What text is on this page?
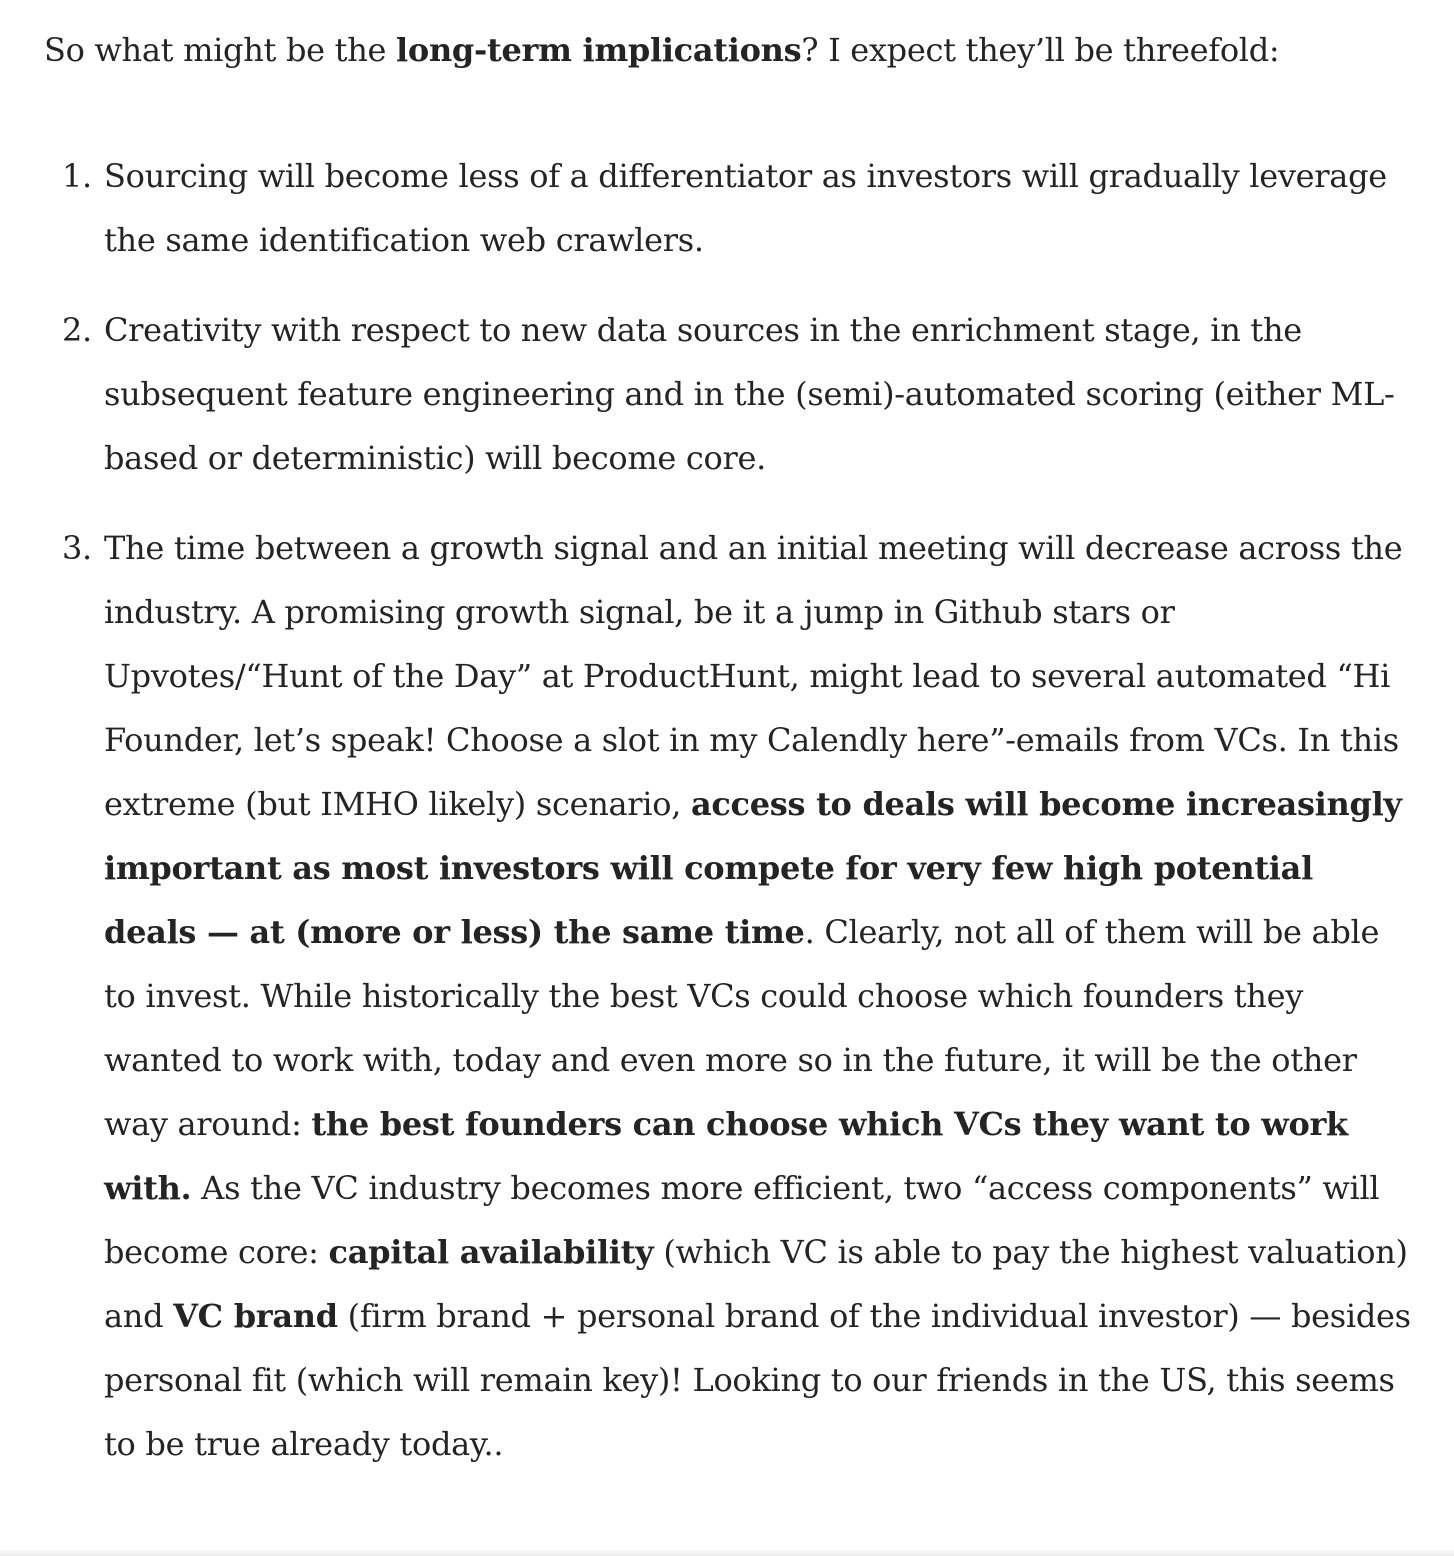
So what might be the long-term implications? I expect they’ll be threefold:

1. Sourcing will become less of a differentiator as investors will gradually leverage the same identification web crawlers.
2. Creativity with respect to new data sources in the enrichment stage, in the subsequent feature engineering and in the (semi)-automated scoring (either ML-based or deterministic) will become core.
3. The time between a growth signal and an initial meeting will decrease across the industry. A promising growth signal, be it a jump in Github stars or Upvotes/“Hunt of the Day” at ProductHunt, might lead to several automated “Hi Founder, let’s speak! Choose a slot in my Calendly here”-emails from VCs. In this extreme (but IMHO likely) scenario, access to deals will become increasingly important as most investors will compete for very few high potential deals — at (more or less) the same time. Clearly, not all of them will be able to invest. While historically the best VCs could choose which founders they wanted to work with, today and even more so in the future, it will be the other way around: the best founders can choose which VCs they want to work with. As the VC industry becomes more efficient, two “access components” will become core: capital availability (which VC is able to pay the highest valuation) and VC brand (firm brand + personal brand of the individual investor) — besides personal fit (which will remain key)! Looking to our friends in the US, this seems to be true already today..
